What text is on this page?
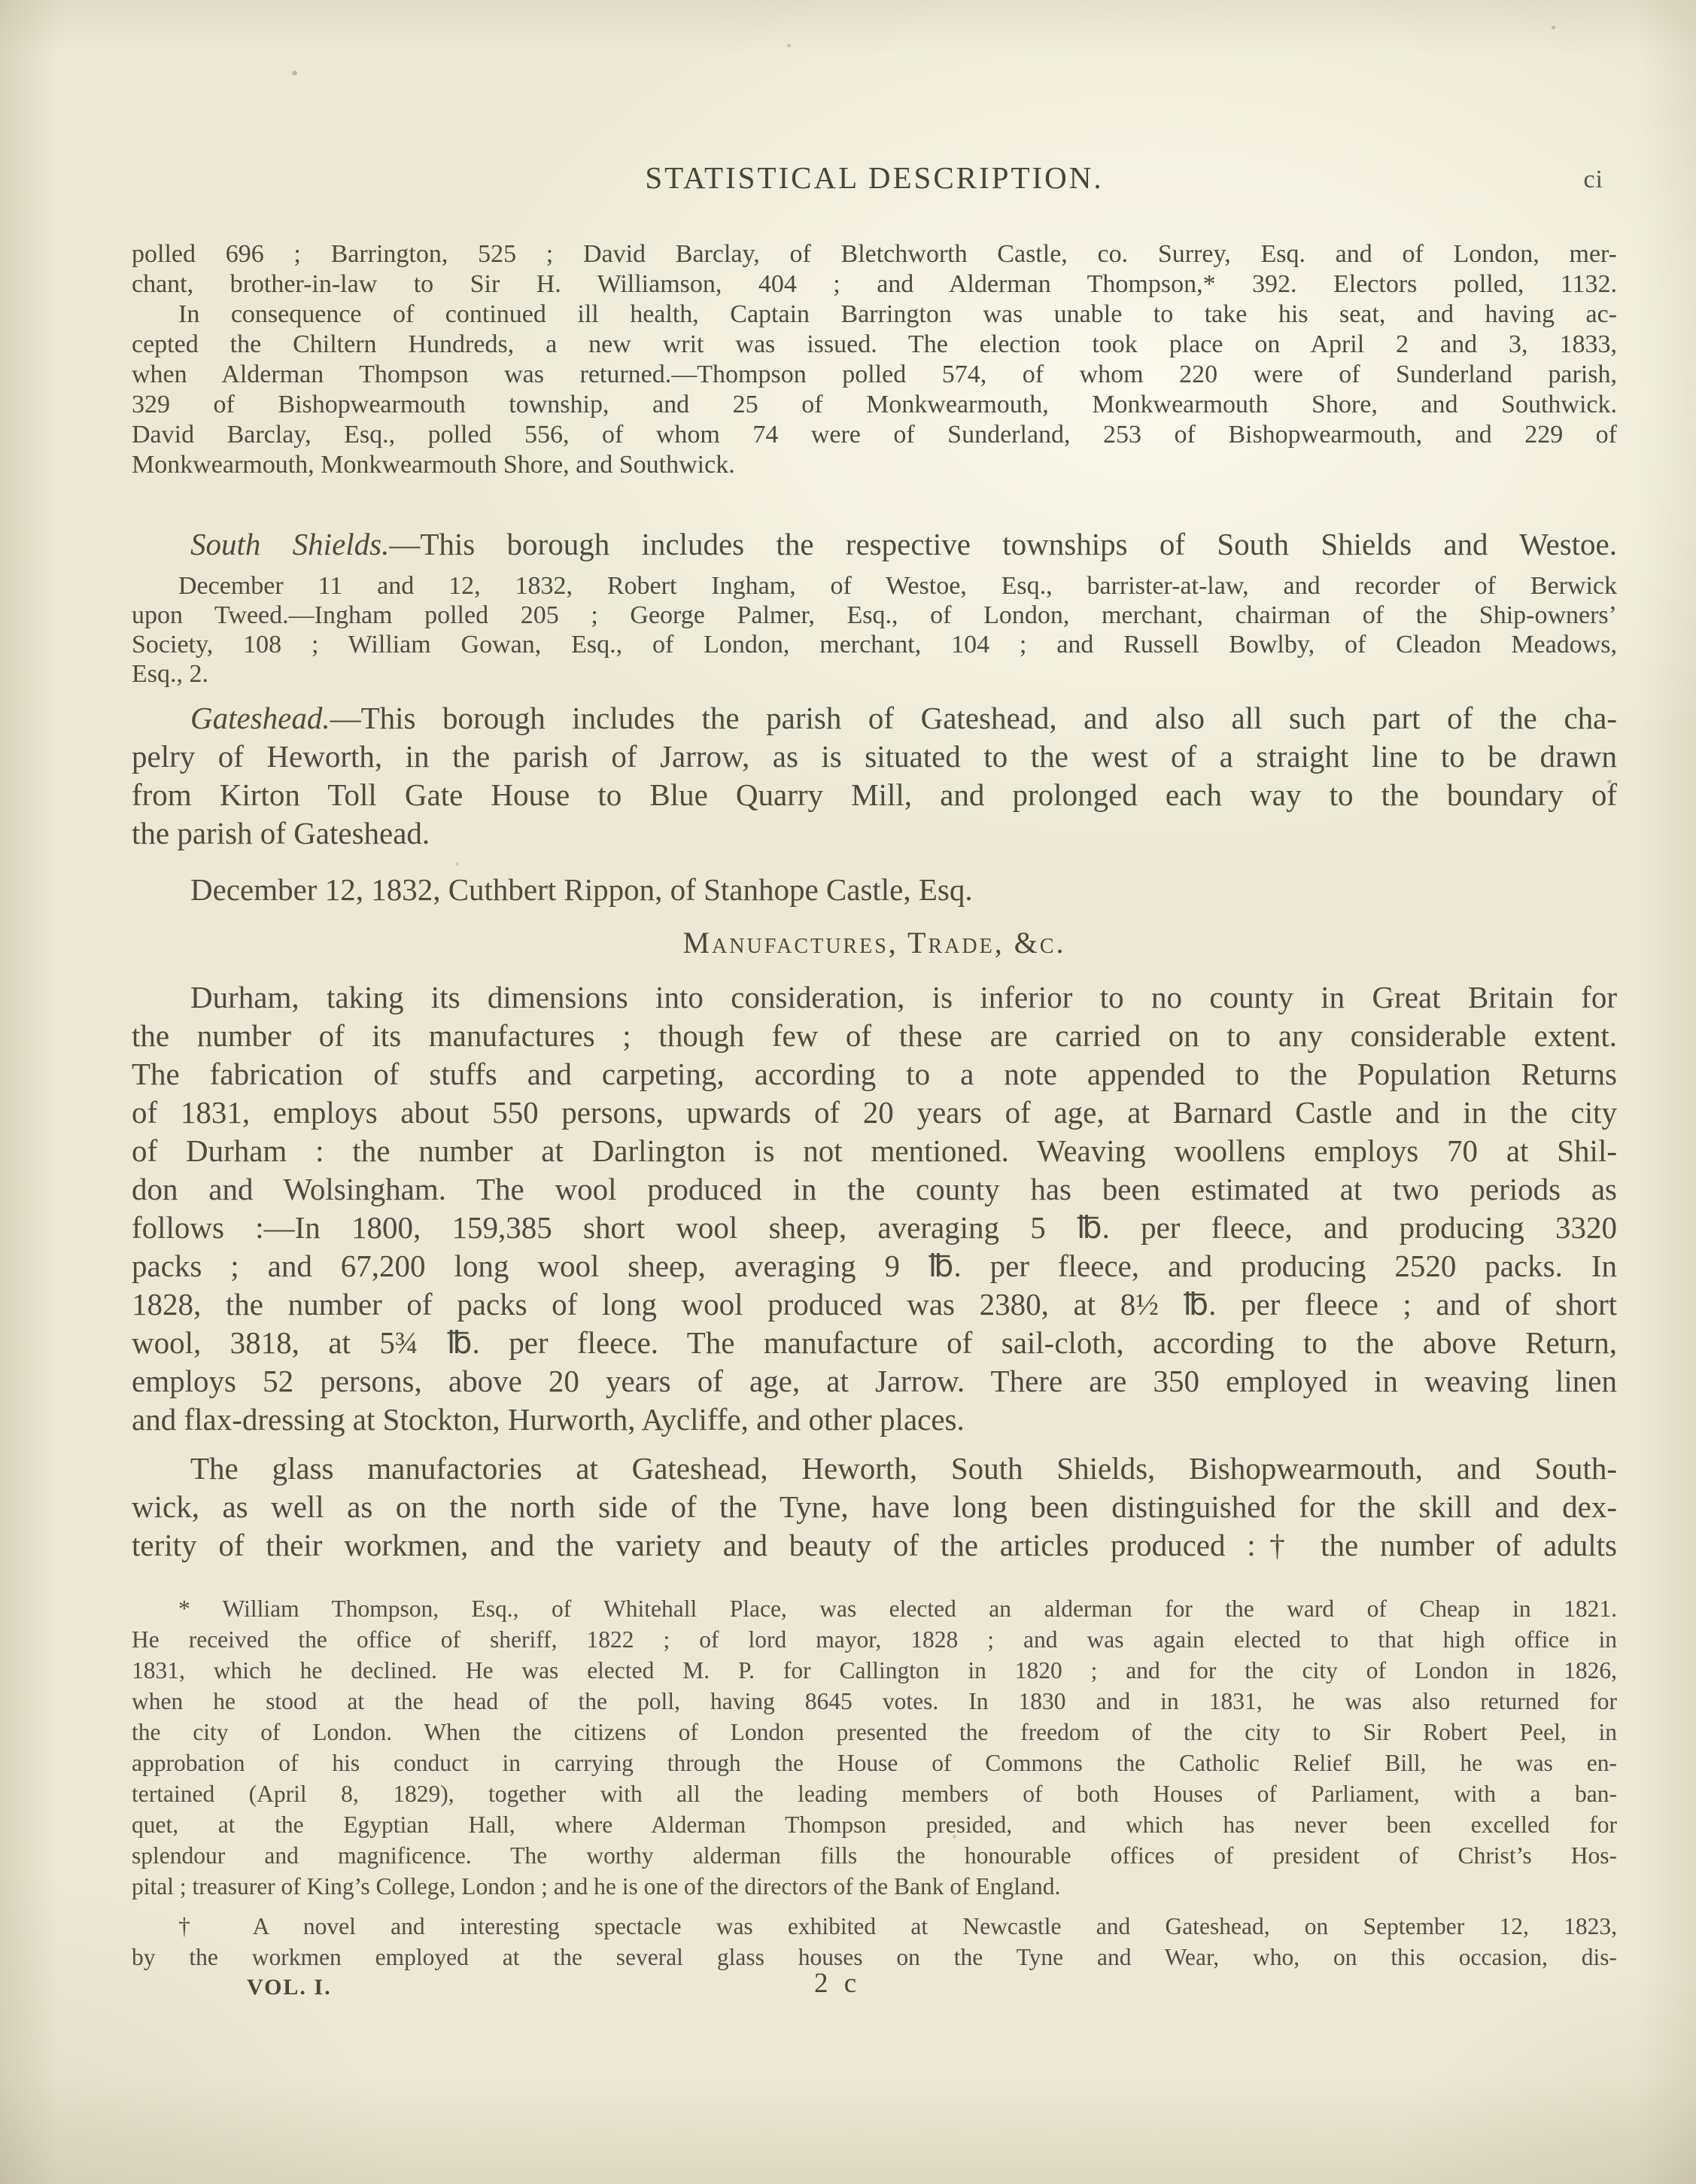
STATISTICAL DESCRIPTION.	ci
polled 696 ; Barrington, 525 ; David Barclay, of Bletchworth Castle, co. Surrey, Esq. and of London, mer-
chant, brother-in-law to Sir H. Williamson, 404 ; and Alderman Thompson,* 392. Electors polled, 1132.
In consequence of continued ill health, Captain Barrington was unable to take his seat, and having ac-
cepted the Chiltern Hundreds, a new writ was issued. The election took place on April 2 and 3, 1833,
when Alderman Thompson was returned.—Thompson polled 574, of whom 220 were of Sunderland parish,
329 of Bishopwearmouth township, and 25 of Monkwearmouth, Monkwearmouth Shore, and Southwick.
David Barclay, Esq., polled 556, of whom 74 were of Sunderland, 253 of Bishopwearmouth, and 229 of
Monkwearmouth, Monkwearmouth Shore, and Southwick.
South Shields.—This borough includes the respective townships of South Shields and Westoe.
December 11 and 12, 1832, Robert Ingham, of Westoe, Esq., barrister-at-law, and recorder of Berwick
upon Tweed.—Ingham polled 205 ; George Palmer, Esq., of London, merchant, chairman of the Ship-owners’
Society, 108 ; William Gowan, Esq., of London, merchant, 104 ; and Russell Bowlby, of Cleadon Meadows,
Esq., 2.
Gateshead.—This borough includes the parish of Gateshead, and also all such part of the cha-
pelry of Heworth, in the parish of Jarrow, as is situated to the west of a straight line to be drawn
from Kirton Toll Gate House to Blue Quarry Mill, and prolonged each way to the boundary of
the parish of Gateshead.
December 12, 1832, Cuthbert Rippon, of Stanhope Castle, Esq.
Manufactures, Trade, &c.
Durham, taking its dimensions into consideration, is inferior to no county in Great Britain for
the number of its manufactures ; though few of these are carried on to any considerable extent.
The fabrication of stuffs and carpeting, according to a note appended to the Population Returns
of 1831, employs about 550 persons, upwards of 20 years of age, at Barnard Castle and in the city
of Durham : the number at Darlington is not mentioned. Weaving woollens employs 70 at Shil-
don and Wolsingham. The wool produced in the county has been estimated at two periods as
follows :—In 1800, 159,385 short wool sheep, averaging 5 ℔. per fleece, and producing 3320
packs ; and 67,200 long wool sheep, averaging 9 ℔. per fleece, and producing 2520 packs. In
1828, the number of packs of long wool produced was 2380, at 8½ ℔. per fleece ; and of short
wool, 3818, at 5¾ ℔. per fleece. The manufacture of sail-cloth, according to the above Return,
employs 52 persons, above 20 years of age, at Jarrow. There are 350 employed in weaving linen
and flax-dressing at Stockton, Hurworth, Aycliffe, and other places.
The glass manufactories at Gateshead, Heworth, South Shields, Bishopwearmouth, and South-
wick, as well as on the north side of the Tyne, have long been distinguished for the skill and dex-
terity of their workmen, and the variety and beauty of the articles produced :† the number of adults
* William Thompson, Esq., of Whitehall Place, was elected an alderman for the ward of Cheap in 1821.
He received the office of sheriff, 1822 ; of lord mayor, 1828 ; and was again elected to that high office in
1831, which he declined. He was elected M. P. for Callington in 1820 ; and for the city of London in 1826,
when he stood at the head of the poll, having 8645 votes. In 1830 and in 1831, he was also returned for
the city of London. When the citizens of London presented the freedom of the city to Sir Robert Peel, in
approbation of his conduct in carrying through the House of Commons the Catholic Relief Bill, he was en-
tertained (April 8, 1829), together with all the leading members of both Houses of Parliament, with a ban-
quet, at the Egyptian Hall, where Alderman Thompson presided, and which has never been excelled for
splendour and magnificence. The worthy alderman fills the honourable offices of president of Christ’s Hos-
pital ; treasurer of King’s College, London ; and he is one of the directors of the Bank of England.
† A novel and interesting spectacle was exhibited at Newcastle and Gateshead, on September 12, 1823,
by the workmen employed at the several glass houses on the Tyne and Wear, who, on this occasion, dis-
VOL. I.	2 c
